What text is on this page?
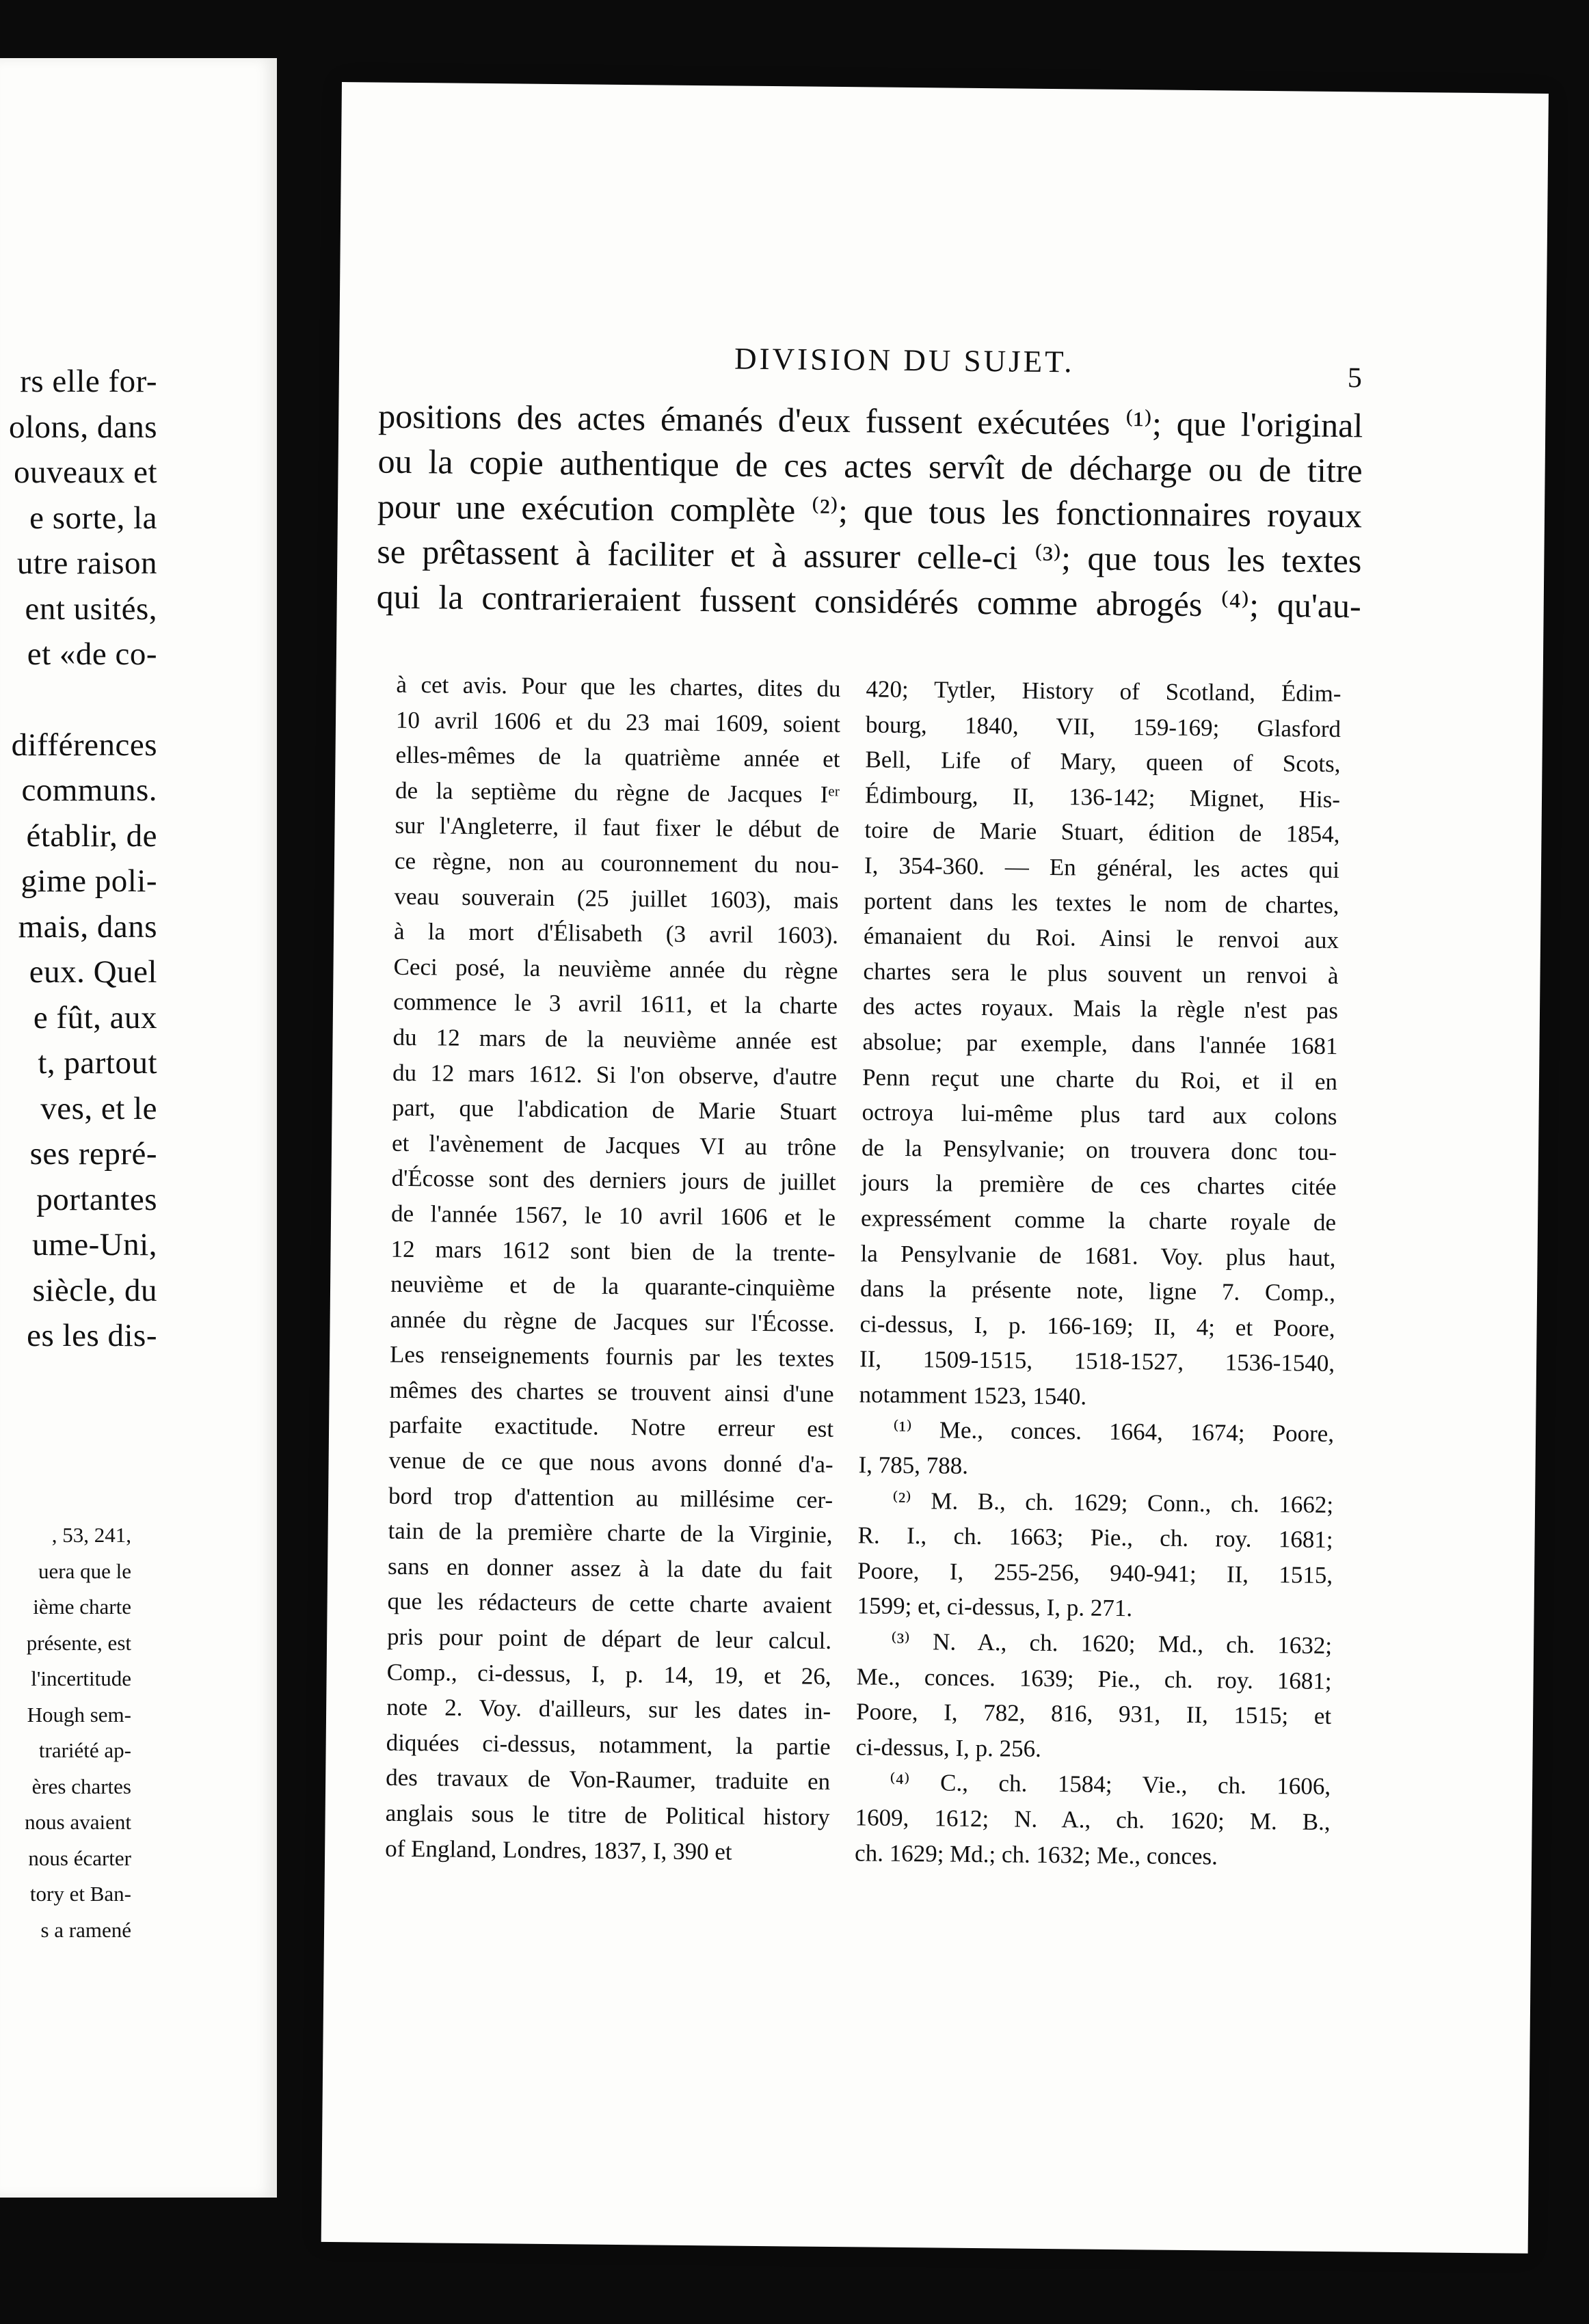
rs elle for-
olons, dans
ouveaux et
e sorte, la
utre raison
ent usités,
et «de co-
différences
communs.
établir, de
gime poli-
mais, dans
eux. Quel
e fût, aux
t, partout
ves, et le
ses repré-
portantes
ume-Uni,
siècle, du
es les dis-
, 53, 241,
uera que le
ième charte
présente, est
l'incertitude
Hough sem-
trariété ap-
ères chartes
nous avaient
nous écarter
tory et Ban-
s a ramené
DIVISION DU SUJET.	5
positions des actes émanés d'eux fussent exécutées ⁽¹⁾; que l'original
ou la copie authentique de ces actes servît de décharge ou de titre
pour une exécution complète ⁽²⁾; que tous les fonctionnaires royaux
se prêtassent à faciliter et à assurer celle-ci ⁽³⁾; que tous les textes
qui la contrarieraient fussent considérés comme abrogés ⁽⁴⁾; qu'au-
à cet avis. Pour que les chartes, dites du
10 avril 1606 et du 23 mai 1609, soient
elles-mêmes de la quatrième année et
de la septième du règne de Jacques Iᵉʳ
sur l'Angleterre, il faut fixer le début de
ce règne, non au couronnement du nou-
veau souverain (25 juillet 1603), mais
à la mort d'Élisabeth (3 avril 1603).
Ceci posé, la neuvième année du règne
commence le 3 avril 1611, et la charte
du 12 mars de la neuvième année est
du 12 mars 1612. Si l'on observe, d'autre
part, que l'abdication de Marie Stuart
et l'avènement de Jacques VI au trône
d'Écosse sont des derniers jours de juillet
de l'année 1567, le 10 avril 1606 et le
12 mars 1612 sont bien de la trente-
neuvième et de la quarante-cinquième
année du règne de Jacques sur l'Écosse.
Les renseignements fournis par les textes
mêmes des chartes se trouvent ainsi d'une
parfaite exactitude. Notre erreur est
venue de ce que nous avons donné d'a-
bord trop d'attention au millésime cer-
tain de la première charte de la Virginie,
sans en donner assez à la date du fait
que les rédacteurs de cette charte avaient
pris pour point de départ de leur calcul.
Comp., ci-dessus, I, p. 14, 19, et 26,
note 2. Voy. d'ailleurs, sur les dates in-
diquées ci-dessus, notamment, la partie
des travaux de Von-Raumer, traduite en
anglais sous le titre de Political history
of England, Londres, 1837, I, 390 et
420; Tytler, History of Scotland, Édim-
bourg, 1840, VII, 159-169; Glasford
Bell, Life of Mary, queen of Scots,
Édimbourg, II, 136-142; Mignet, His-
toire de Marie Stuart, édition de 1854,
I, 354-360. — En général, les actes qui
portent dans les textes le nom de chartes,
émanaient du Roi. Ainsi le renvoi aux
chartes sera le plus souvent un renvoi à
des actes royaux. Mais la règle n'est pas
absolue; par exemple, dans l'année 1681
Penn reçut une charte du Roi, et il en
octroya lui-même plus tard aux colons
de la Pensylvanie; on trouvera donc tou-
jours la première de ces chartes citée
expressément comme la charte royale de
la Pensylvanie de 1681. Voy. plus haut,
dans la présente note, ligne 7. Comp.,
ci-dessus, I, p. 166-169; II, 4; et Poore,
II, 1509-1515, 1518-1527, 1536-1540,
notamment 1523, 1540.
⁽¹⁾ Me., conces. 1664, 1674; Poore,
I, 785, 788.
⁽²⁾ M. B., ch. 1629; Conn., ch. 1662;
R. I., ch. 1663; Pie., ch. roy. 1681;
Poore, I, 255-256, 940-941; II, 1515,
1599; et, ci-dessus, I, p. 271.
⁽³⁾ N. A., ch. 1620; Md., ch. 1632;
Me., conces. 1639; Pie., ch. roy. 1681;
Poore, I, 782, 816, 931, II, 1515; et
ci-dessus, I, p. 256.
⁽⁴⁾ C., ch. 1584; Vie., ch. 1606,
1609, 1612; N. A., ch. 1620; M. B.,
ch. 1629; Md.; ch. 1632; Me., conces.
